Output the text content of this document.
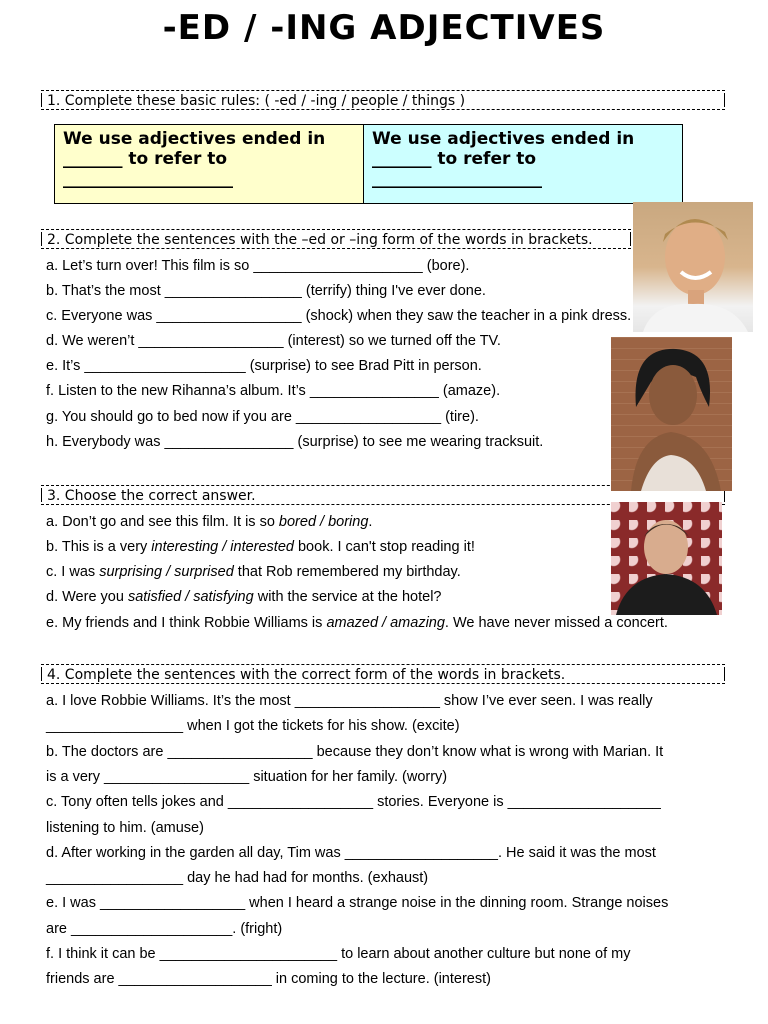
-ED / -ING ADJECTIVES
1. Complete these basic rules: ( -ed / -ing / people / things )
We use adjectives ended in _______ to refer to ____________________
We use adjectives ended in _______ to refer to ____________________
2. Complete the sentences with the –ed or –ing form of the words in brackets.
a. Let’s turn over! This film is so _____________________ (bore).
b. That’s the most _________________ (terrify) thing I've ever done.
c. Everyone was __________________ (shock) when they saw the teacher in a pink dress.
d. We weren’t __________________ (interest) so we turned off the TV.
e. It’s ____________________ (surprise) to see Brad Pitt in person.
f. Listen to the new Rihanna’s album. It’s ________________ (amaze).
g. You should go to bed now if you are __________________ (tire).
h. Everybody was ________________ (surprise) to see me wearing tracksuit.
3. Choose the correct answer.
a. Don’t go and see this film. It is so bored / boring.
b. This is a very interesting / interested book. I can't stop reading it!
c. I was surprising / surprised that Rob remembered my birthday.
d. Were you satisfied / satisfying with the service at the hotel?
e. My friends and I think Robbie Williams is amazed / amazing. We have never missed a concert.
4. Complete the sentences with the correct form of the words in brackets.
a. I love Robbie Williams. It’s the most __________________ show I’ve ever seen. I was really
_________________ when I got the tickets for his show. (excite)
b. The doctors are __________________ because they don’t know what is wrong with Marian. It
is a very __________________ situation for her family. (worry)
c. Tony often tells jokes and __________________ stories. Everyone is ___________________
listening to him. (amuse)
d. After working in the garden all day, Tim was ___________________. He said it was the most
_________________ day he had had for months. (exhaust)
e. I was __________________ when I heard a strange noise in the dinning room. Strange noises
are ____________________. (fright)
f. I think it can be ______________________ to learn about another culture but none of my
friends are ___________________ in coming to the lecture. (interest)
